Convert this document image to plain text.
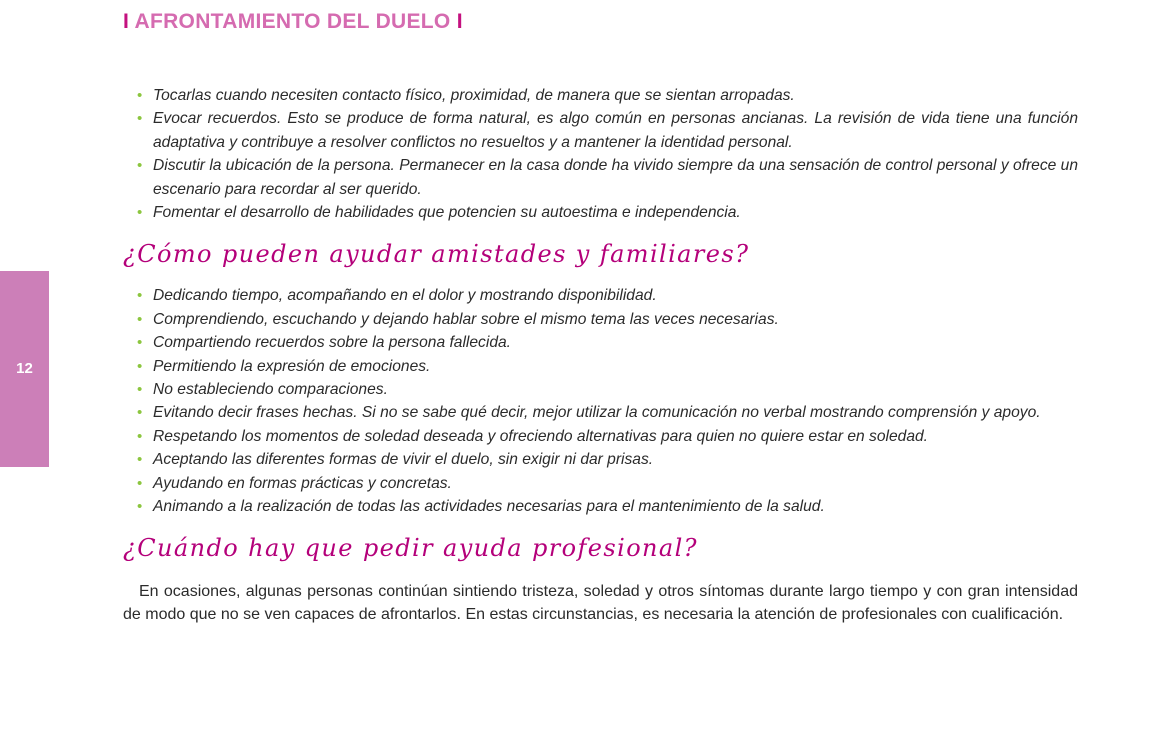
I AFRONTAMIENTO DEL DUELO I
12
• Tocarlas cuando necesiten contacto físico, proximidad, de manera que se sientan arropadas.
• Evocar recuerdos. Esto se produce de forma natural, es algo común en personas ancianas. La revisión de vida tiene una función adaptativa y contribuye a resolver conflictos no resueltos y a mantener la identidad personal.
• Discutir la ubicación de la persona. Permanecer en la casa donde ha vivido siempre da una sensación de control personal y ofrece un escenario para recordar al ser querido.
• Fomentar el desarrollo de habilidades que potencien su autoestima e independencia.
¿Cómo pueden ayudar amistades y familiares?
• Dedicando tiempo, acompañando en el dolor y mostrando disponibilidad.
• Comprendiendo, escuchando y dejando hablar sobre el mismo tema las veces necesarias.
• Compartiendo recuerdos sobre la persona fallecida.
• Permitiendo la expresión de emociones.
• No estableciendo comparaciones.
• Evitando decir frases hechas. Si no se sabe qué decir, mejor utilizar la comunicación no verbal mostrando comprensión y apoyo.
• Respetando los momentos de soledad deseada y ofreciendo alternativas para quien no quiere estar en soledad.
• Aceptando las diferentes formas de vivir el duelo, sin exigir ni dar prisas.
• Ayudando en formas prácticas y concretas.
• Animando a la realización de todas las actividades necesarias para el mantenimiento de la salud.
¿Cuándo hay que pedir ayuda profesional?

En ocasiones, algunas personas continúan sintiendo tristeza, soledad y otros síntomas durante largo tiempo y con gran intensidad de modo que no se ven capaces de afrontarlos. En estas circunstancias, es necesaria la atención de profesionales con cualificación.
